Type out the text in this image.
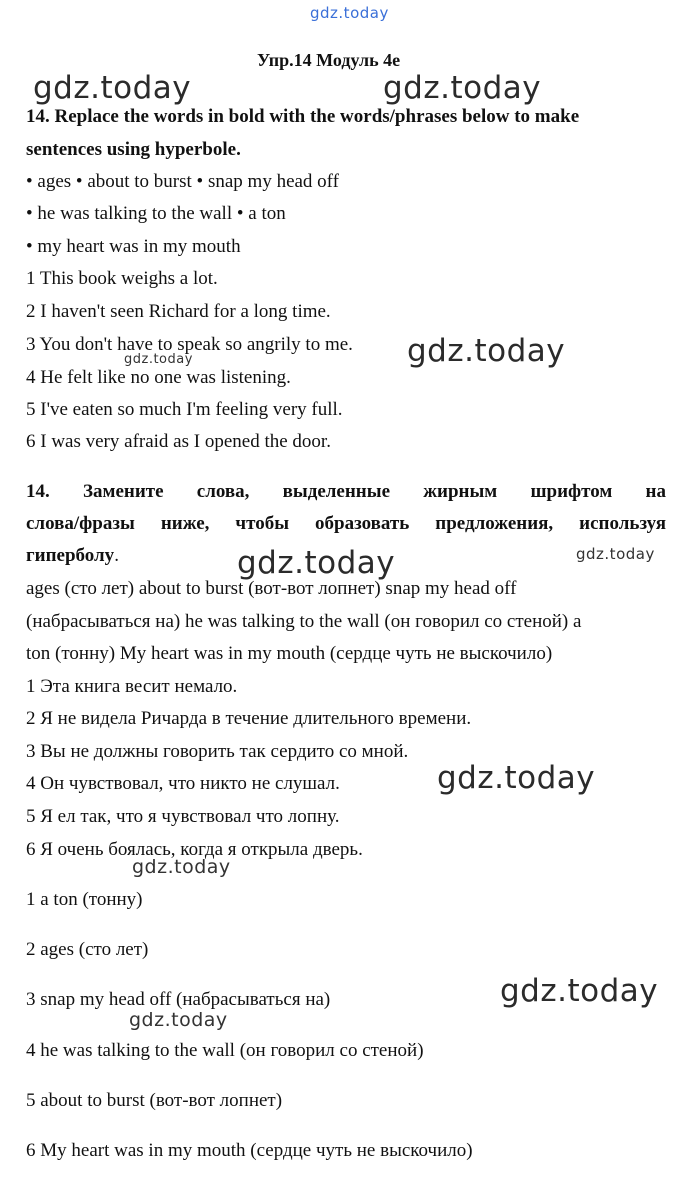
gdz.today
gdz.today	gdz.today
gdz.today
gdz.today
gdz.today	gdz.today
gdz.today
gdz.today
gdz.today
gdz.today
Упр.14 Модуль 4е
14. Replace the words in bold with the words/phrases below to make
sentences using hyperbole.
• ages • about to burst • snap my head off
• he was talking to the wall • a ton
• my heart was in my mouth
1 This book weighs a lot.
2 I haven't seen Richard for a long time.
3 You don't have to speak so angrily to me.
4 He felt like no one was listening.
5 I've eaten so much I'm feeling very full.
6 I was very afraid as I opened the door.
14. Замените слова, выделенные жирным шрифтом на
слова/фразы ниже, чтобы образовать предложения, используя
гиперболу.
ages (сто лет) about to burst (вот-вот лопнет) snap my head off
(набрасываться на) he was talking to the wall (он говорил со стеной) a
ton (тонну) My heart was in my mouth (сердце чуть не выскочило)
1 Эта книга весит немало.
2 Я не видела Ричарда в течение длительного времени.
3 Вы не должны говорить так сердито со мной.
4 Он чувствовал, что никто не слушал.
5 Я ел так, что я чувствовал что лопну.
6 Я очень боялась, когда я открыла дверь.
1 a ton (тонну)
2 ages (сто лет)
3 snap my head off (набрасываться на)
4 he was talking to the wall (он говорил со стеной)
5 about to burst (вот-вот лопнет)
6 My heart was in my mouth (сердце чуть не выскочило)
